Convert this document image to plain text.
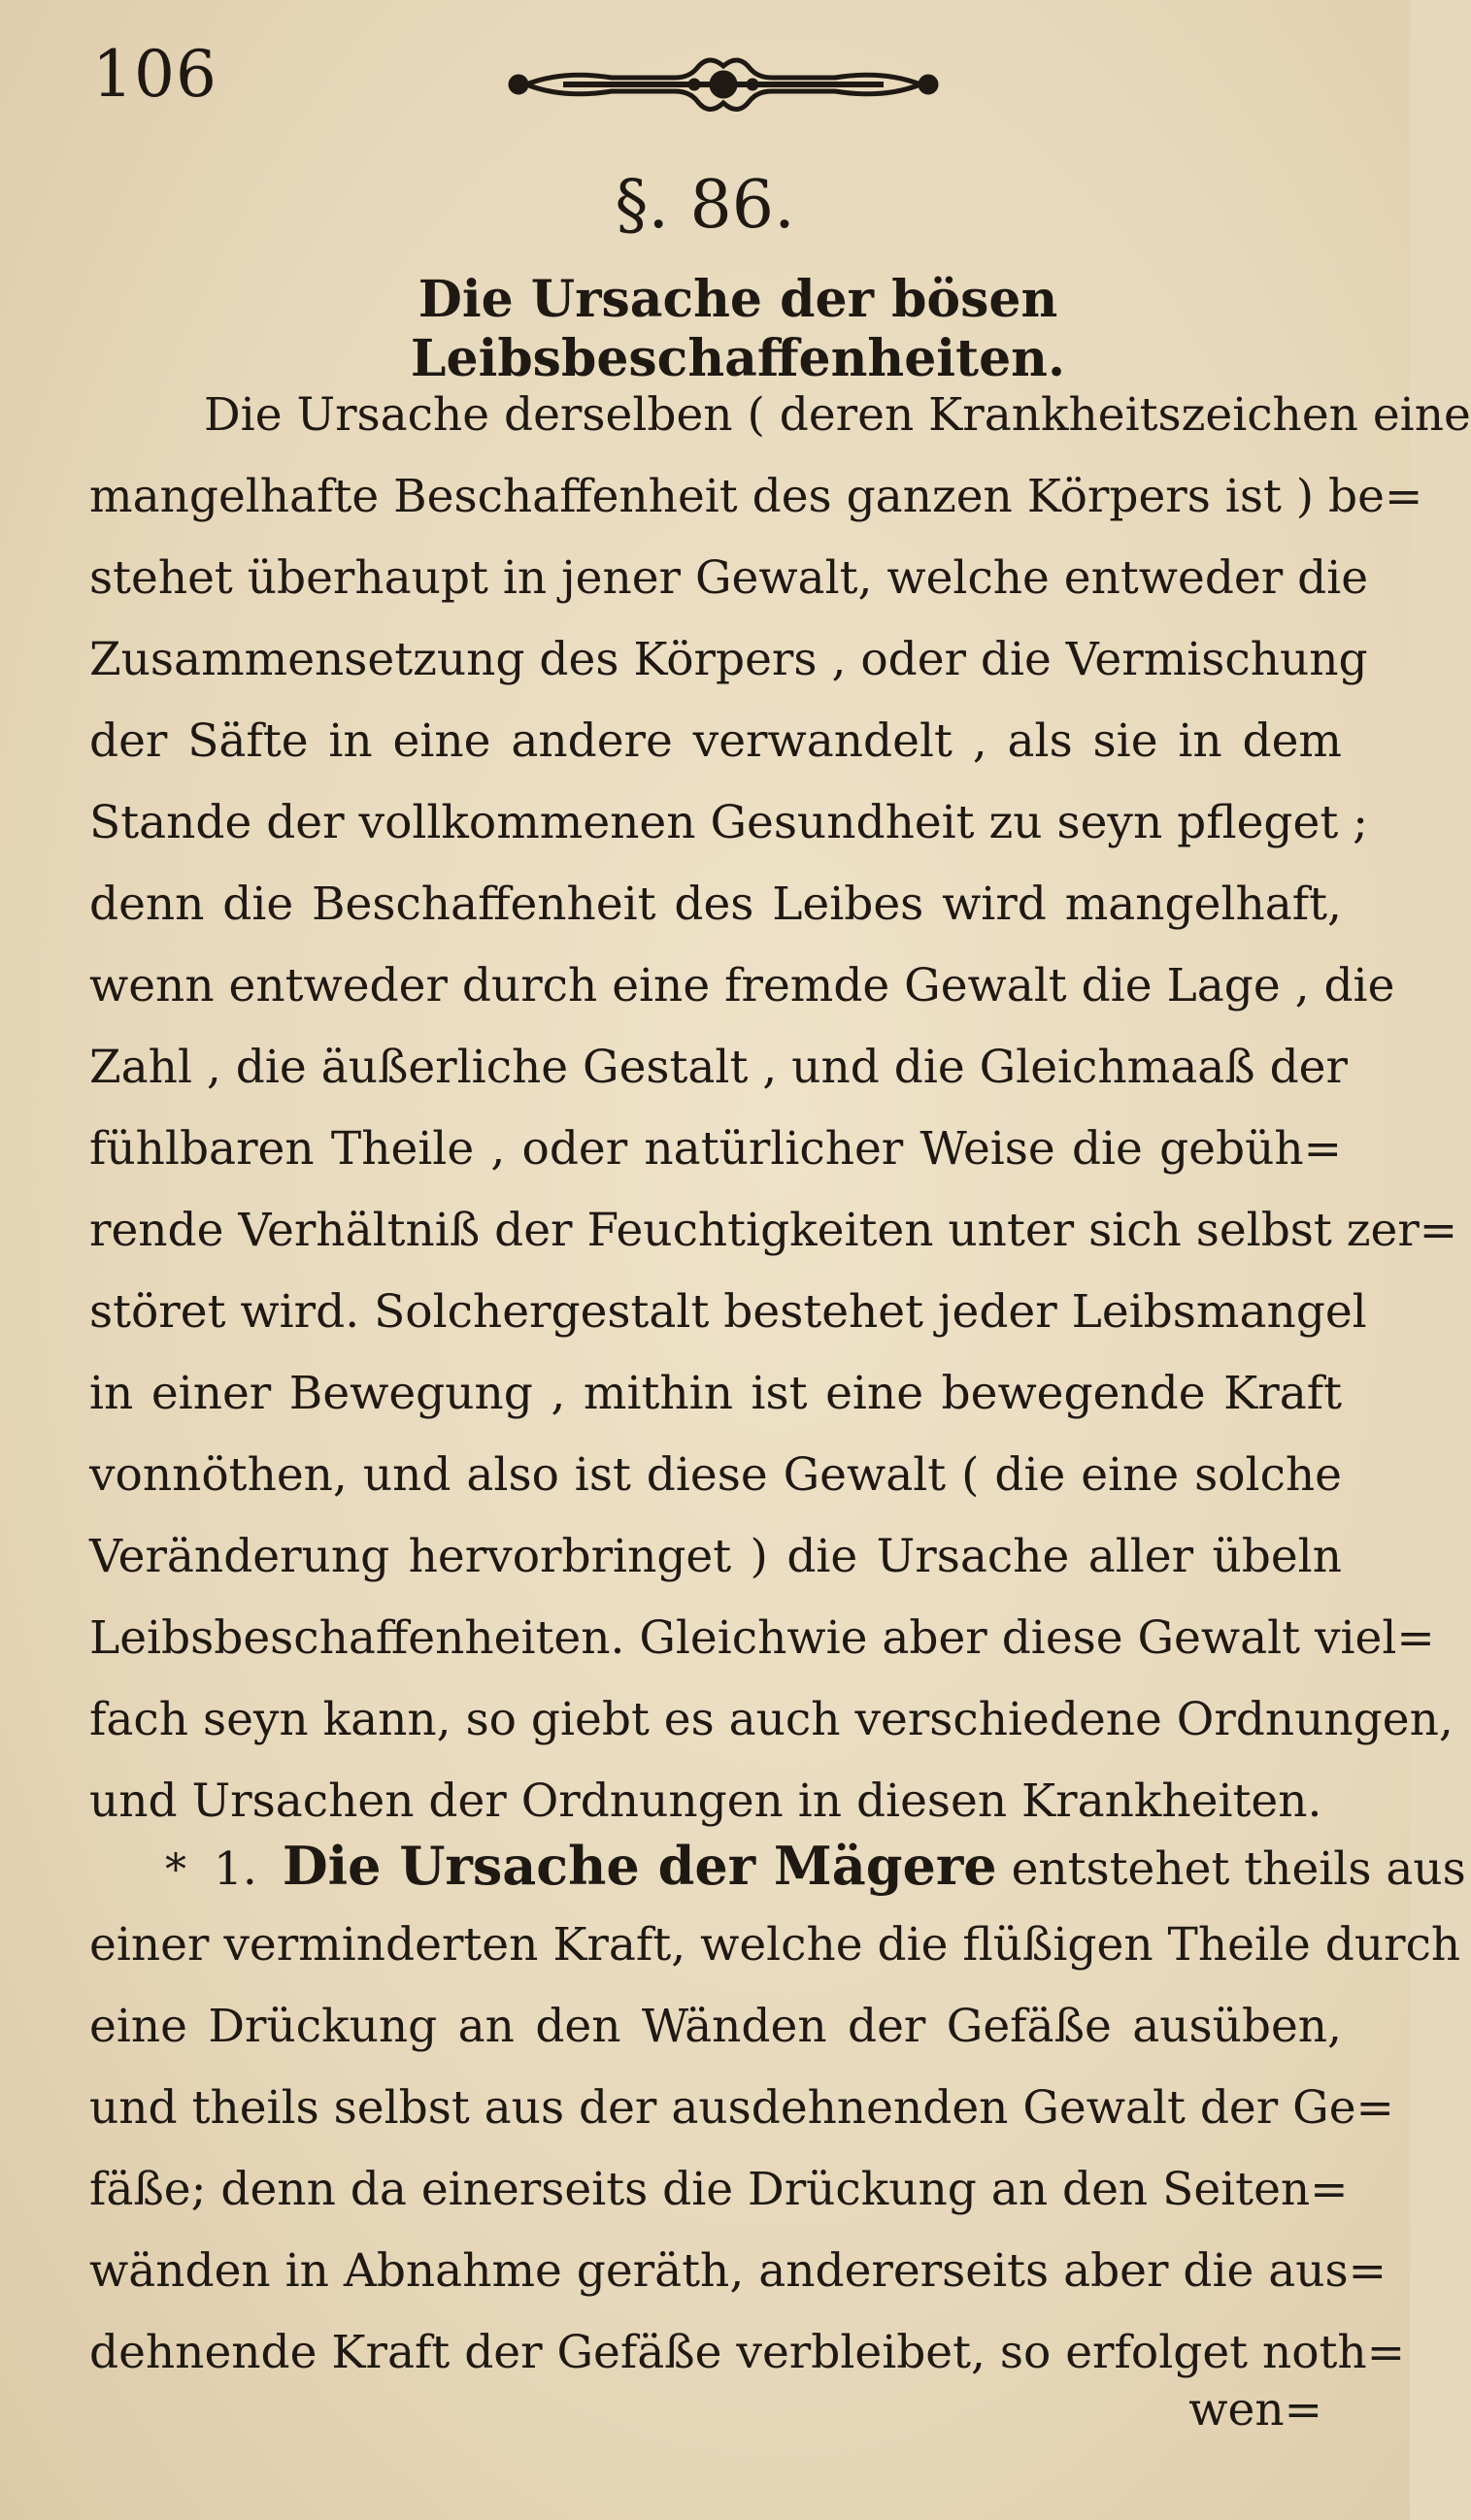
106
§. 86.
Die Ursache der bösen Leibsbeschaffenheiten.
Die Ursache derselben ( deren Krankheitszeichen eine
mangelhafte Beschaffenheit des ganzen Körpers ist ) be=
stehet überhaupt in jener Gewalt, welche entweder die
Zusammensetzung des Körpers , oder die Vermischung
der Säfte in eine andere verwandelt , als sie in dem
Stande der vollkommenen Gesundheit zu seyn pfleget ;
denn die Beschaffenheit des Leibes wird mangelhaft,
wenn entweder durch eine fremde Gewalt die Lage , die
Zahl , die äußerliche Gestalt , und die Gleichmaaß der
fühlbaren Theile , oder natürlicher Weise die gebüh=
rende Verhältniß der Feuchtigkeiten unter sich selbst zer=
störet wird. Solchergestalt bestehet jeder Leibsmangel
in einer Bewegung , mithin ist eine bewegende Kraft
vonnöthen, und also ist diese Gewalt ( die eine solche
Veränderung hervorbringet ) die Ursache aller übeln
Leibsbeschaffenheiten. Gleichwie aber diese Gewalt viel=
fach seyn kann, so giebt es auch verschiedene Ordnungen,
und Ursachen der Ordnungen in diesen Krankheiten.
* 1. Die Ursache der Mägere entstehet theils aus
einer verminderten Kraft, welche die flüßigen Theile durch
eine Drückung an den Wänden der Gefäße ausüben,
und theils selbst aus der ausdehnenden Gewalt der Ge=
fäße; denn da einerseits die Drückung an den Seiten=
wänden in Abnahme geräth, andererseits aber die aus=
dehnende Kraft der Gefäße verbleibet, so erfolget noth=
wen=
